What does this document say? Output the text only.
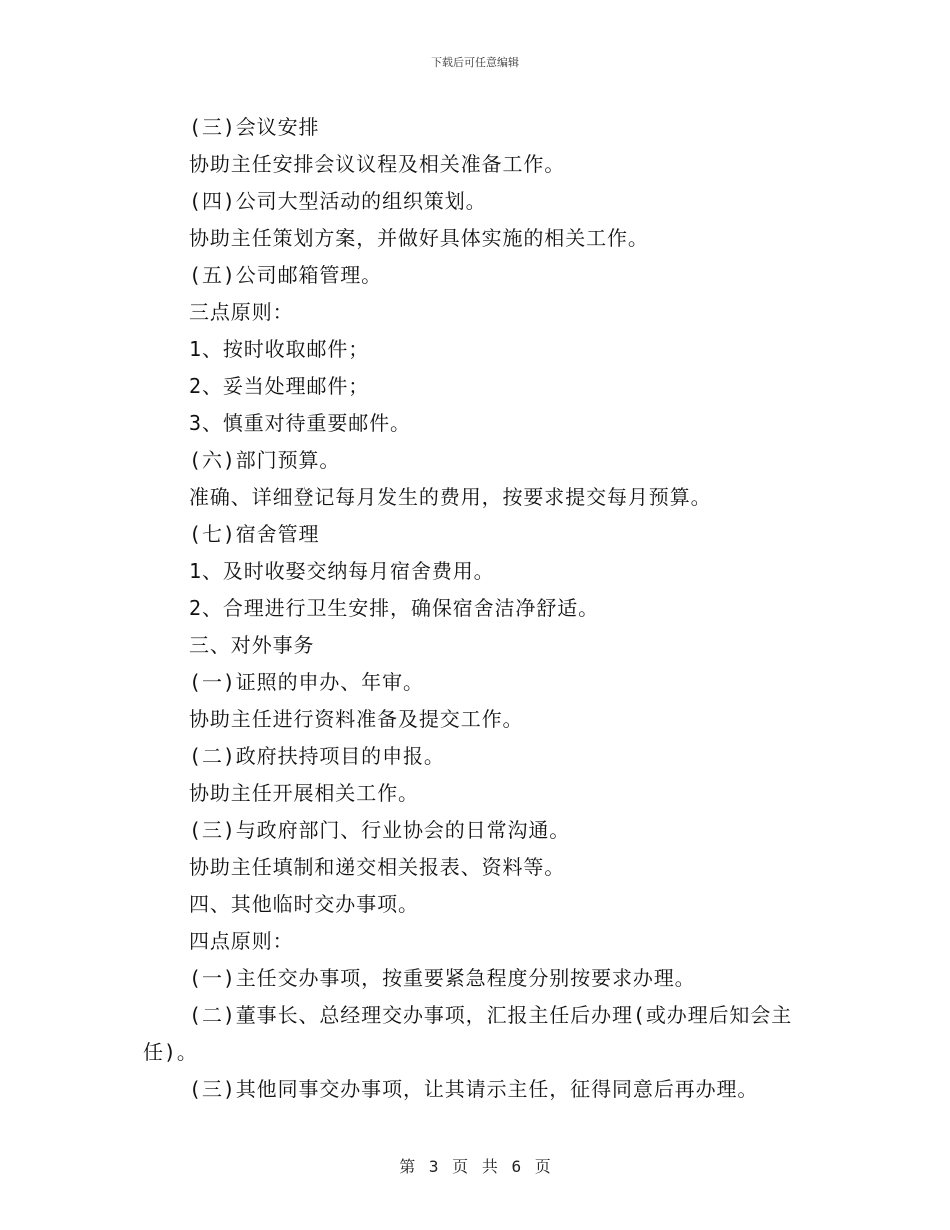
下载后可任意编辑

(三)会议安排

协助主任安排会议议程及相关准备工作。

(四)公司大型活动的组织策划。

协助主任策划方案，并做好具体实施的相关工作。

(五)公司邮箱管理。

三点原则：

1、按时收取邮件；

2、妥当处理邮件；

3、慎重对待重要邮件。

(六)部门预算。

准确、详细登记每月发生的费用，按要求提交每月预算。

(七)宿舍管理

1、及时收娶交纳每月宿舍费用。

2、合理进行卫生安排，确保宿舍洁净舒适。

三、对外事务

(一)证照的申办、年审。

协助主任进行资料准备及提交工作。

(二)政府扶持项目的申报。

协助主任开展相关工作。

(三)与政府部门、行业协会的日常沟通。

协助主任填制和递交相关报表、资料等。

四、其他临时交办事项。

四点原则：

(一)主任交办事项，按重要紧急程度分别按要求办理。

(二)董事长、总经理交办事项，汇报主任后办理(或办理后知会主任)。

(三)其他同事交办事项，让其请示主任，征得同意后再办理。

第 3 页 共 6 页
